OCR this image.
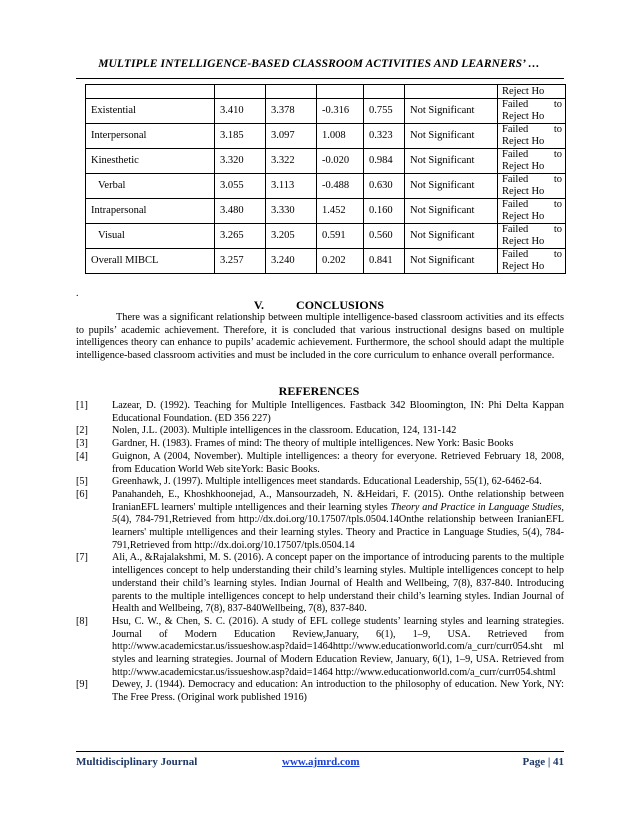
MULTIPLE INTELLIGENCE-BASED CLASSROOM ACTIVITIES AND LEARNERS’ …
						Reject Ho
Existential	3.410	3.378	-0.316	0.755	Not Significant	Failed to
Reject Ho

Interpersonal	3.185	3.097	1.008	0.323	Not Significant	Failed to
Reject Ho

Kinesthetic	3.320	3.322	-0.020	0.984	Not Significant	Failed to
Reject Ho

Verbal	3.055	3.113	-0.488	0.630	Not Significant	Failed to
Reject Ho

Intrapersonal	3.480	3.330	1.452	0.160	Not Significant	Failed to
Reject Ho

Visual	3.265	3.205	0.591	0.560	Not Significant	Failed to
Reject Ho

Overall MIBCL	3.257	3.240	0.202	0.841	Not Significant	Failed to
Reject Ho
.
V.	CONCLUSIONS
There was a significant relationship between multiple intelligence-based classroom activities and its effects to pupils’ academic achievement. Therefore, it is concluded that various instructional designs based on multiple intelligences theory can enhance to pupils’ academic achievement. Furthermore, the school should adapt the multiple intelligence-based classroom activities and must be included in the core curriculum to enhance overall performance.
REFERENCES
[1]	Lazear, D. (1992). Teaching for Multiple Intelligences. Fastback 342 Bloomington, IN: Phi Delta Kappan Educational Foundation. (ED 356 227)
[2]	Nolen, J.L. (2003). Multiple intelligences in the classroom. Education, 124, 131-142
[3]	Gardner, H. (1983). Frames of mind: The theory of multiple intelligences. New York: Basic Books
[4]	Guignon, A (2004, November). Multiple intelligences: a theory for everyone. Retrieved February 18, 2008, from Education World Web siteYork: Basic Books.
[5]	Greenhawk, J. (1997). Multiple intelligences meet standards. Educational Leadership, 55(1), 62-6462-64.
[6]	Panahandeh, E., Khoshkhoonejad, A., Mansourzadeh, N. &Heidari, F. (2015). Onthe relationship between IranianEFL learners' multiple ıntelligences and their learning styles Theory and Practice in Language Studies, 5(4), 784-791,Retrieved from http://dx.doi.org/10.17507/tpls.0504.14Onthe relationship between IranianEFL learners' multiple ıntelligences and their learning styles. Theory and Practice in Language Studies, 5(4), 784-791,Retrieved from http://dx.doi.org/10.17507/tpls.0504.14
[7]	Ali, A., &Rajalakshmi, M. S. (2016). A concept paper on the importance of introducing parents to the multiple intelligences concept to help understanding their child’s learning styles. Multiple intelligences concept to help understand their child’s learning styles. Indian Journal of Health and Wellbeing, 7(8), 837-840. Introducing parents to the multiple intelligences concept to help understand their child’s learning styles. Indian Journal of Health and Wellbeing, 7(8), 837-840Wellbeing, 7(8), 837-840.
[8]	Hsu, C. W., & Chen, S. C. (2016). A study of EFL college students’ learning styles and learning strategies. Journal of Modern Education Review,January, 6(1), 1–9, USA. Retrieved from http://www.academicstar.us/issueshow.asp?daid=1464http://www.educationworld.com/a_curr/curr054.sht ml styles and learning strategies. Journal of Modern Education Review, January, 6(1), 1–9, USA. Retrieved from http://www.academicstar.us/issueshow.asp?daid=1464 http://www.educationworld.com/a_curr/curr054.shtml
[9]	Dewey, J. (1944). Democracy and education: An introduction to the philosophy of education. New York, NY: The Free Press. (Original work published 1916)
Multidisciplinary Journal	www.ajmrd.com	Page | 41
